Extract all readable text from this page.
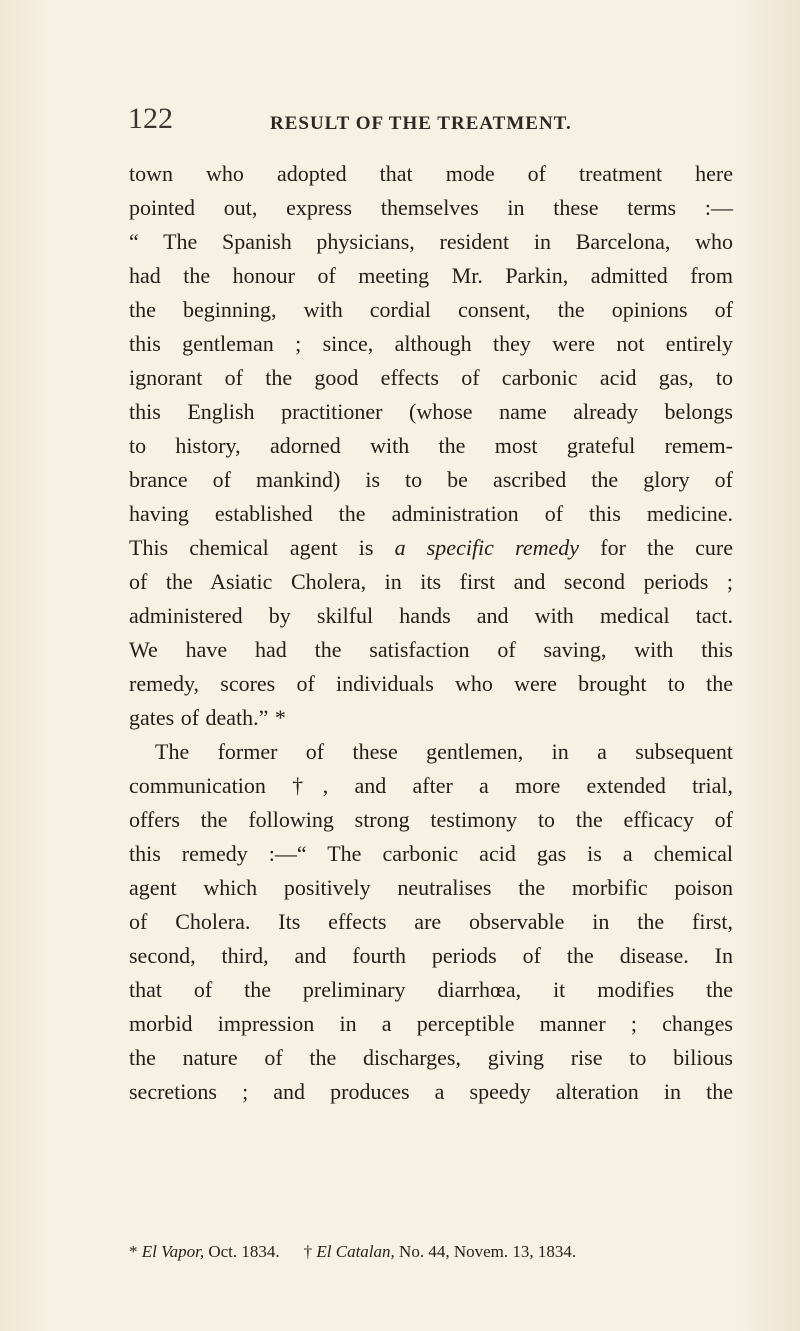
122	RESULT OF THE TREATMENT.
town who adopted that mode of treatment here
pointed out, express themselves in these terms :—
“ The Spanish physicians, resident in Barcelona, who
had the honour of meeting Mr. Parkin, admitted from
the beginning, with cordial consent, the opinions of
this gentleman ; since, although they were not entirely
ignorant of the good effects of carbonic acid gas, to
this English practitioner (whose name already belongs
to history, adorned with the most grateful remem-
brance of mankind) is to be ascribed the glory of
having established the administration of this medicine.
This chemical agent is a specific remedy for the cure
of the Asiatic Cholera, in its first and second periods ;
administered by skilful hands and with medical tact.
We have had the satisfaction of saving, with this
remedy, scores of individuals who were brought to the
gates of death.” *
The former of these gentlemen, in a subsequent
communication †, and after a more extended trial,
offers the following strong testimony to the efficacy of
this remedy :—“ The carbonic acid gas is a chemical
agent which positively neutralises the morbific poison
of Cholera. Its effects are observable in the first,
second, third, and fourth periods of the disease. In
that of the preliminary diarrhœa, it modifies the
morbid impression in a perceptible manner ; changes
the nature of the discharges, giving rise to bilious
secretions ; and produces a speedy alteration in the
* El Vapor, Oct. 1834. † El Catalan, No. 44, Novem. 13, 1834.
